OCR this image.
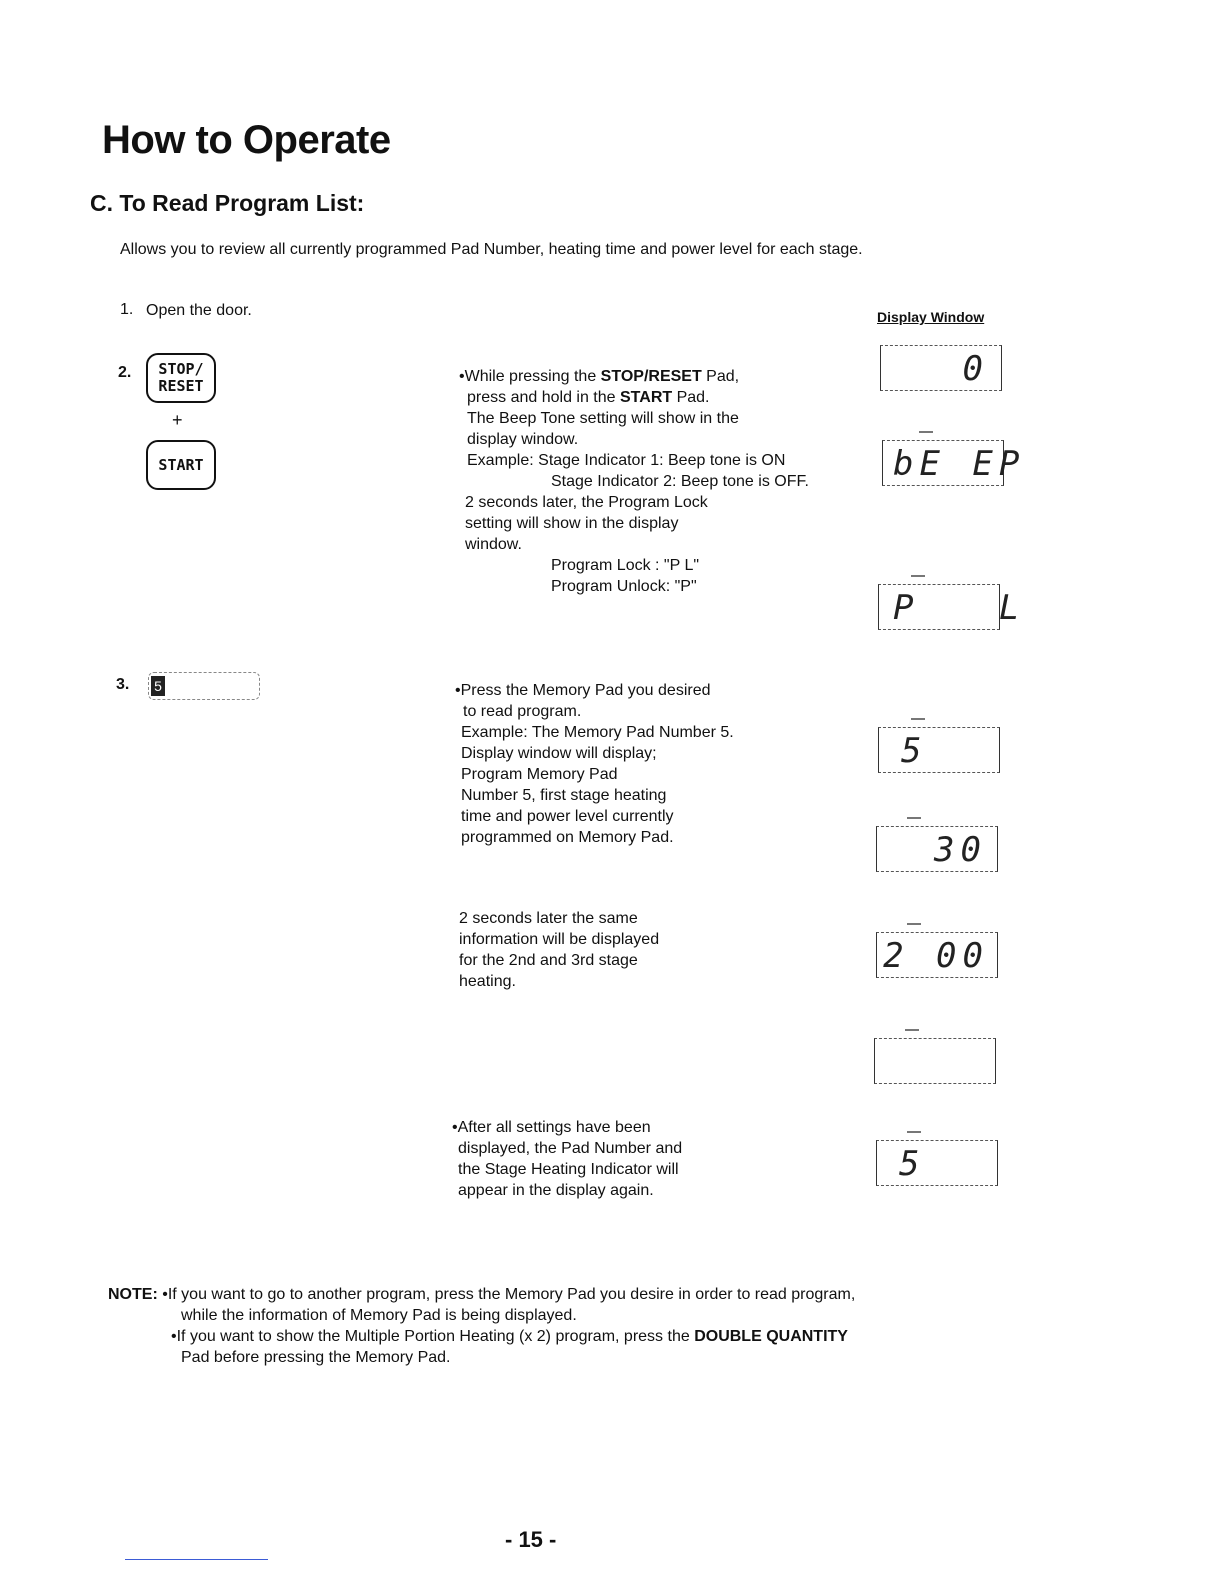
How to Operate
C. To Read Program List:
Allows you to review all currently programmed Pad Number, heating time and power level for each stage.
1. Open the door.	Display Window
2. STOP/
RESET
+
START

•While pressing the STOP/RESET Pad,

press and hold in the START Pad.

The Beep Tone setting will show in the

display window.

Example: Stage Indicator 1: Beep tone is ON

Stage Indicator 2: Beep tone is OFF.

2 seconds later, the Program Lock

setting will show in the display

window.

Program Lock : "P L"

Program Unlock: "P"

3. 5	•Press the Memory Pad you desired

to read program.

Example: The Memory Pad Number 5.

Display window will display;

Program Memory Pad

Number 5, first stage heating

time and power level currently

programmed on Memory Pad.

2 seconds later the same

information will be displayed

for the 2nd and 3rd stage

heating.

•After all settings have been

displayed, the Pad Number and

the Stage Heating Indicator will

appear in the display again.

0
bE EP
P   L
5
30
2 00
5
NOTE: •If you want to go to another program, press the Memory Pad you desire in order to read program,
while the information of Memory Pad is being displayed.
•If you want to show the Multiple Portion Heating (x 2) program, press the DOUBLE QUANTITY
Pad before pressing the Memory Pad.
- 15 -
